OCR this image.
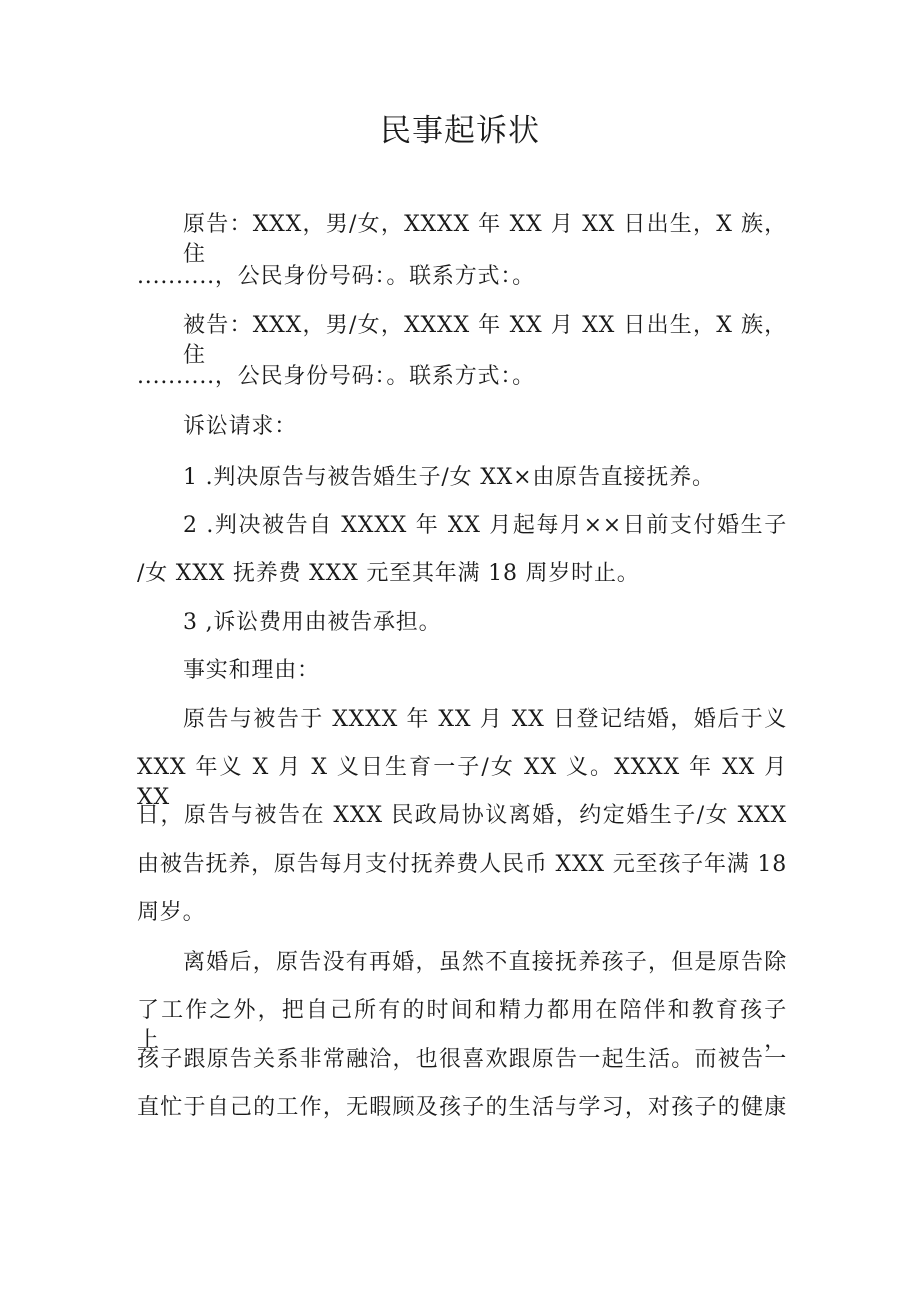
民事起诉状
原告：XXX，男/女，XXXX 年 XX 月 XX 日出生，X 族，住
..........，公民身份号码：。联系方式：。
被告：XXX，男/女，XXXX 年 XX 月 XX 日出生，X 族，住
..........，公民身份号码：。联系方式：。
诉讼请求：
1 .判决原告与被告婚生子/女 XX×由原告直接抚养。
2 .判决被告自 XXXX 年 XX 月起每月××日前支付婚生子
/女 XXX 抚养费 XXX 元至其年满 18 周岁时止。
3 ,诉讼费用由被告承担。
事实和理由：
原告与被告于 XXXX 年 XX 月 XX 日登记结婚，婚后于义
XXX 年义 X 月 X 义日生育一子/女 XX 义。XXXX 年 XX 月 XX
日，原告与被告在 XXX 民政局协议离婚，约定婚生子/女 XXX
由被告抚养，原告每月支付抚养费人民币 XXX 元至孩子年满 18
周岁。
离婚后，原告没有再婚，虽然不直接抚养孩子，但是原告除
了工作之外，把自己所有的时间和精力都用在陪伴和教育孩子上，
孩子跟原告关系非常融洽，也很喜欢跟原告一起生活。而被告一
直忙于自己的工作，无暇顾及孩子的生活与学习，对孩子的健康
